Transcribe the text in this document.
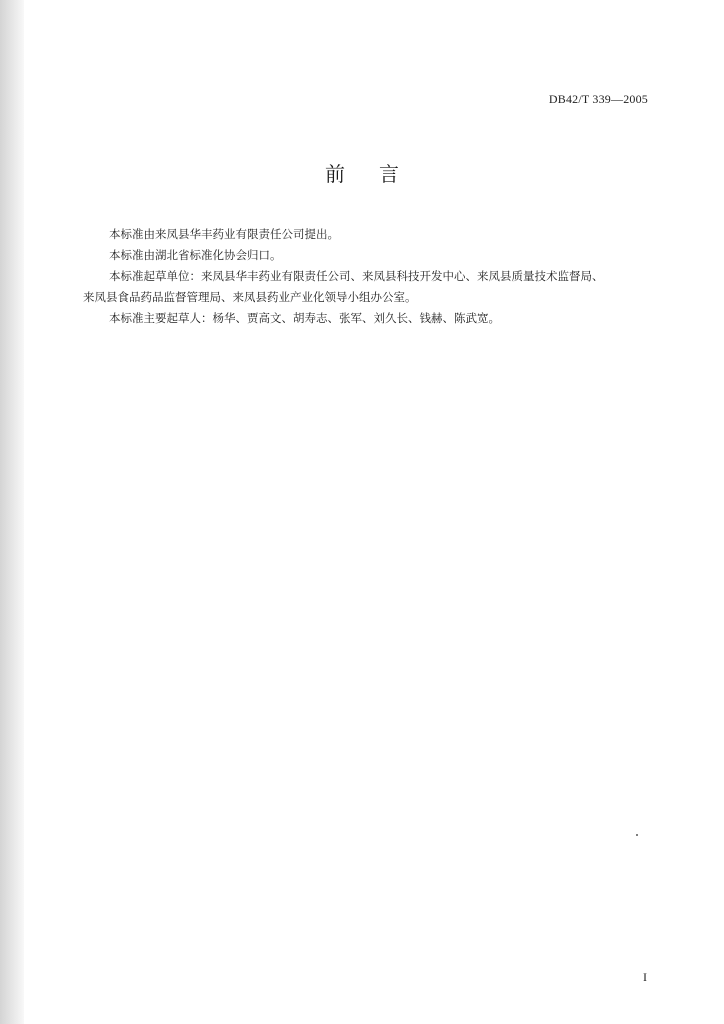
DB42/T 339—2005
前言

本标准由来凤县华丰药业有限责任公司提出。

本标准由湖北省标准化协会归口。

本标准起草单位：来凤县华丰药业有限责任公司、来凤县科技开发中心、来凤县质量技术监督局、

来凤县食品药品监督管理局、来凤县药业产业化领导小组办公室。

本标准主要起草人：杨华、贾高文、胡寿志、张军、刘久长、钱赫、陈武宽。

I
